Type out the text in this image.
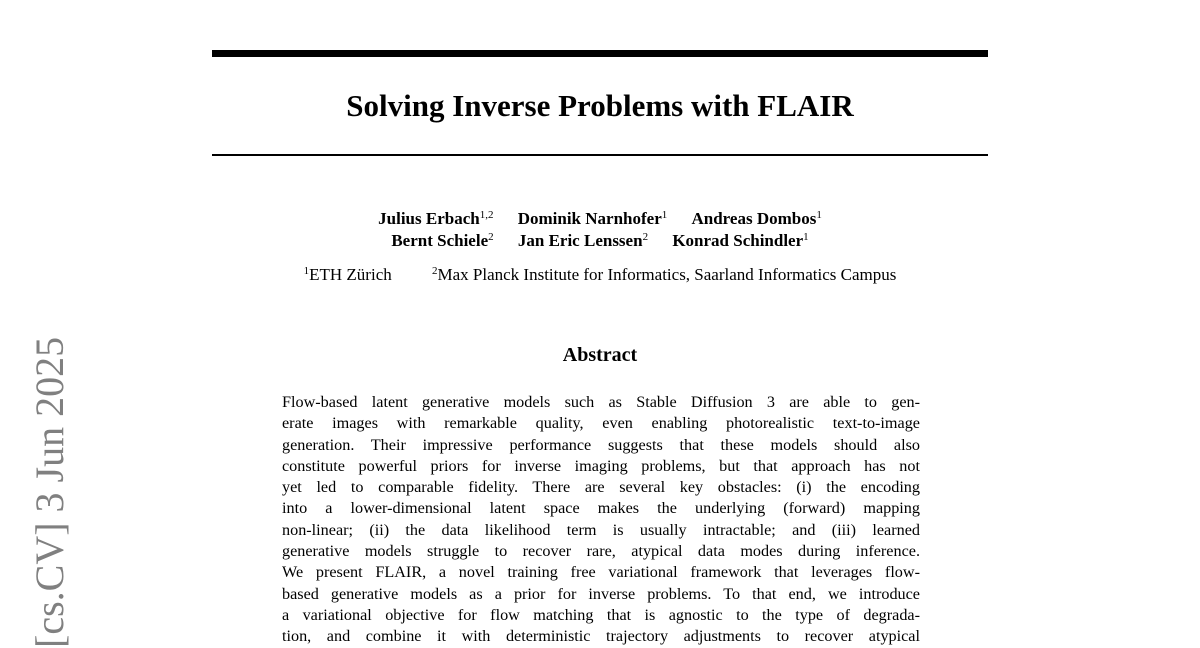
Solving Inverse Problems with FLAIR
Julius Erbach$^{1,2}$ Dominik Narnhofer$^1$ Andreas Dombos$^1$
Bernt Schiele$^2$ Jan Eric Lenssen$^2$ Konrad Schindler$^1$
$^1$ETH Zürich	$^2$Max Planck Institute for Informatics, Saarland Informatics Campus
Abstract
Flow-based latent generative models such as Stable Diffusion 3 are able to gen-
erate images with remarkable quality, even enabling photorealistic text-to-image
generation. Their impressive performance suggests that these models should also
constitute powerful priors for inverse imaging problems, but that approach has not
yet led to comparable fidelity. There are several key obstacles: (i) the encoding
into a lower-dimensional latent space makes the underlying (forward) mapping
non-linear; (ii) the data likelihood term is usually intractable; and (iii) learned
generative models struggle to recover rare, atypical data modes during inference.
We present FLAIR, a novel training free variational framework that leverages flow-
based generative models as a prior for inverse problems. To that end, we introduce
a variational objective for flow matching that is agnostic to the type of degrada-
tion, and combine it with deterministic trajectory adjustments to recover atypical
[cs.CV] 3 Jun 2025
